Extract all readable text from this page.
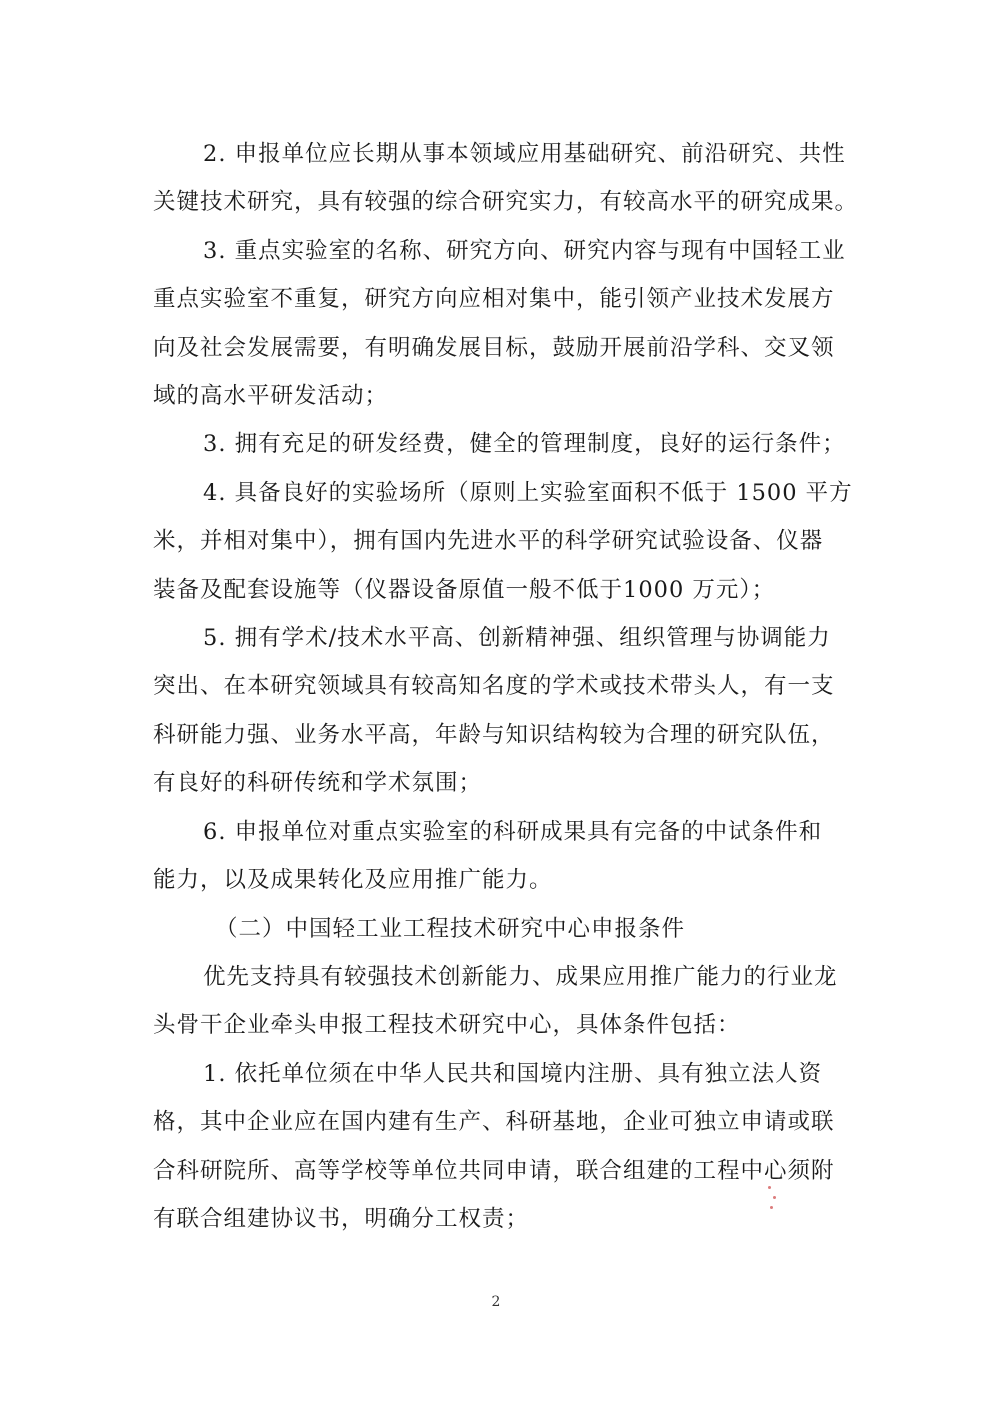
2. 申报单位应长期从事本领域应用基础研究、前沿研究、共性
关键技术研究，具有较强的综合研究实力，有较高水平的研究成果。
3. 重点实验室的名称、研究方向、研究内容与现有中国轻工业
重点实验室不重复，研究方向应相对集中，能引领产业技术发展方
向及社会发展需要，有明确发展目标，鼓励开展前沿学科、交叉领
域的高水平研发活动；
3. 拥有充足的研发经费，健全的管理制度，良好的运行条件；
4. 具备良好的实验场所（原则上实验室面积不低于 1500 平方
米，并相对集中），拥有国内先进水平的科学研究试验设备、仪器
装备及配套设施等（仪器设备原值一般不低于1000 万元）；
5. 拥有学术/技术水平高、创新精神强、组织管理与协调能力
突出、在本研究领域具有较高知名度的学术或技术带头人，有一支
科研能力强、业务水平高，年龄与知识结构较为合理的研究队伍，
有良好的科研传统和学术氛围；
6. 申报单位对重点实验室的科研成果具有完备的中试条件和
能力，以及成果转化及应用推广能力。
（二）中国轻工业工程技术研究中心申报条件
优先支持具有较强技术创新能力、成果应用推广能力的行业龙
头骨干企业牵头申报工程技术研究中心，具体条件包括：
1. 依托单位须在中华人民共和国境内注册、具有独立法人资
格，其中企业应在国内建有生产、科研基地，企业可独立申请或联
合科研院所、高等学校等单位共同申请，联合组建的工程中心须附
有联合组建协议书，明确分工权责；
2
